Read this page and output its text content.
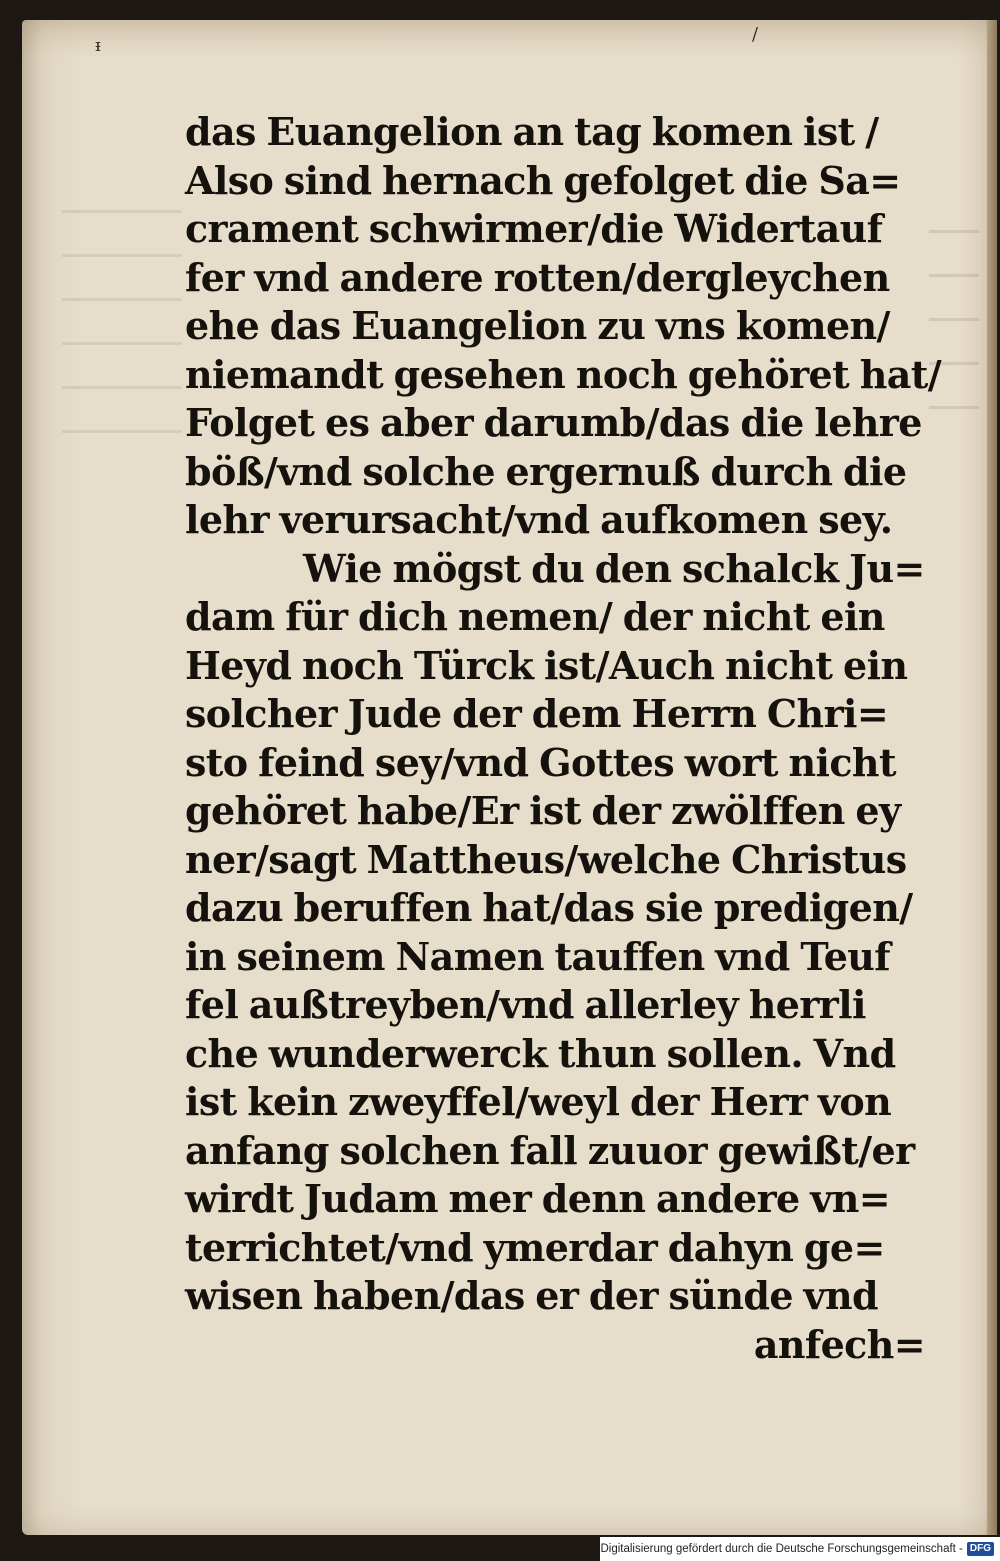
ᵻ
/
das Euangelion an tag komen ist /
Also sind hernach gefolget die Sa=
crament schwirmer/die Widertauf
fer vnd andere rotten/dergleychen
ehe das Euangelion zu vns komen/
niemandt gesehen noch gehöret hat/
Folget es aber darumb/das die lehre
böß/vnd solche ergernuß durch die
lehr verursacht/vnd aufkomen sey.
Wie mögst du den schalck Ju=
dam für dich nemen/ der nicht ein
Heyd noch Türck ist/Auch nicht ein
solcher Jude der dem Herrn Chri=
sto feind sey/vnd Gottes wort nicht
gehöret habe/Er ist der zwölffen ey
ner/sagt Mattheus/welche Christus
dazu beruffen hat/das sie predigen/
in seinem Namen tauffen vnd Teuf
fel außtreyben/vnd allerley herrli
che wunderwerck thun sollen. Vnd
ist kein zweyffel/weyl der Herr von
anfang solchen fall zuuor gewißt/er
wirdt Judam mer denn andere vn=
terrichtet/vnd ymerdar dahyn ge=
wisen haben/das er der sünde vnd
anfech=
Digitalisierung gefördert durch die Deutsche Forschungsgemeinschaft - DFG
